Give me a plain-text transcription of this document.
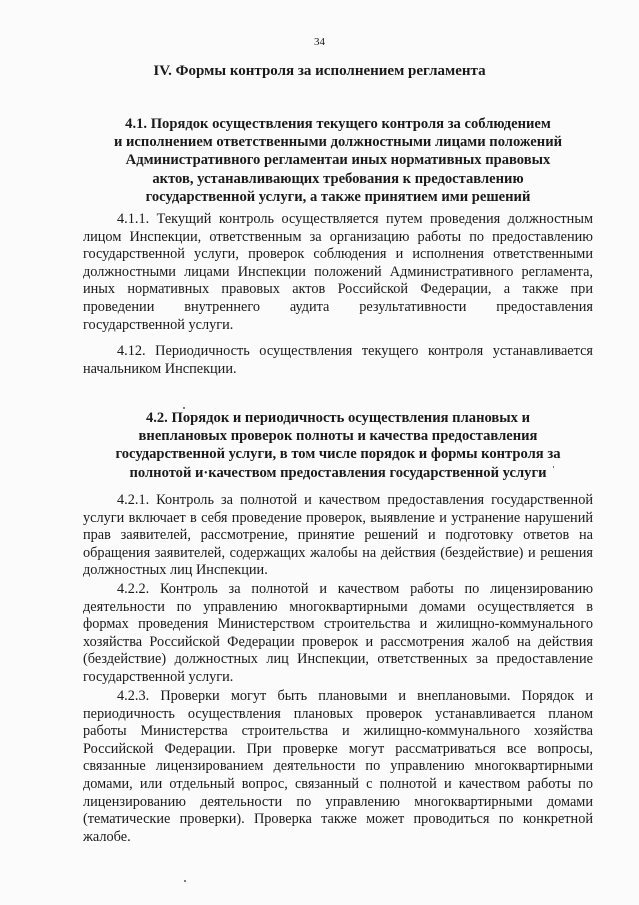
34
IV. Формы контроля за исполнением регламента
4.1. Порядок осуществления текущего контроля за соблюдением
и исполнением ответственными должностными лицами положений
Административного регламентаи иных нормативных правовых
актов, устанавливающих требования к предоставлению
государственной услуги, а также принятием ими решений

4.1.1. Текущий контроль осуществляется путем проведения должностным лицом Инспекции, ответственным за организацию работы по предоставлению государственной услуги, проверок соблюдения и исполнения ответственными должностными лицами Инспекции положений Административного регламента, иных нормативных правовых актов Российской Федерации, а также при проведении внутреннего аудита результативности предоставления государственной услуги.

4.12. Периодичность осуществления текущего контроля устанавливается начальником Инспекции.

4.2. Порядок и периодичность осуществления плановых и
внеплановых проверок полноты и качества предоставления
государственной услуги, в том числе порядок и формы контроля за
полнотой и·качеством предоставления государственной услуги

4.2.1. Контроль за полнотой и качеством предоставления государственной услуги включает в себя проведение проверок, выявление и устранение нарушений прав заявителей, рассмотрение, принятие решений и подготовку ответов на обращения заявителей, содержащих жалобы на действия (бездействие) и решения должностных лиц Инспекции.

4.2.2. Контроль за полнотой и качеством работы по лицензированию деятельности по управлению многоквартирными домами осуществляется в формах проведения Министерством строительства и жилищно-коммунального хозяйства Российской Федерации проверок и рассмотрения жалоб на действия (бездействие) должностных лиц Инспекции, ответственных за предоставление государственной услуги.

4.2.3. Проверки могут быть плановыми и внеплановыми. Порядок и периодичность осуществления плановых проверок устанавливается планом работы Министерства строительства и жилищно-коммунального хозяйства Российской Федерации. При проверке могут рассматриваться все вопросы, связанные лицензированием деятельности по управлению многоквартирными домами, или отдельный вопрос, связанный с полнотой и качеством работы по лицензированию деятельности по управлению многоквартирными домами (тематические проверки). Проверка также может проводиться по конкретной жалобе.
